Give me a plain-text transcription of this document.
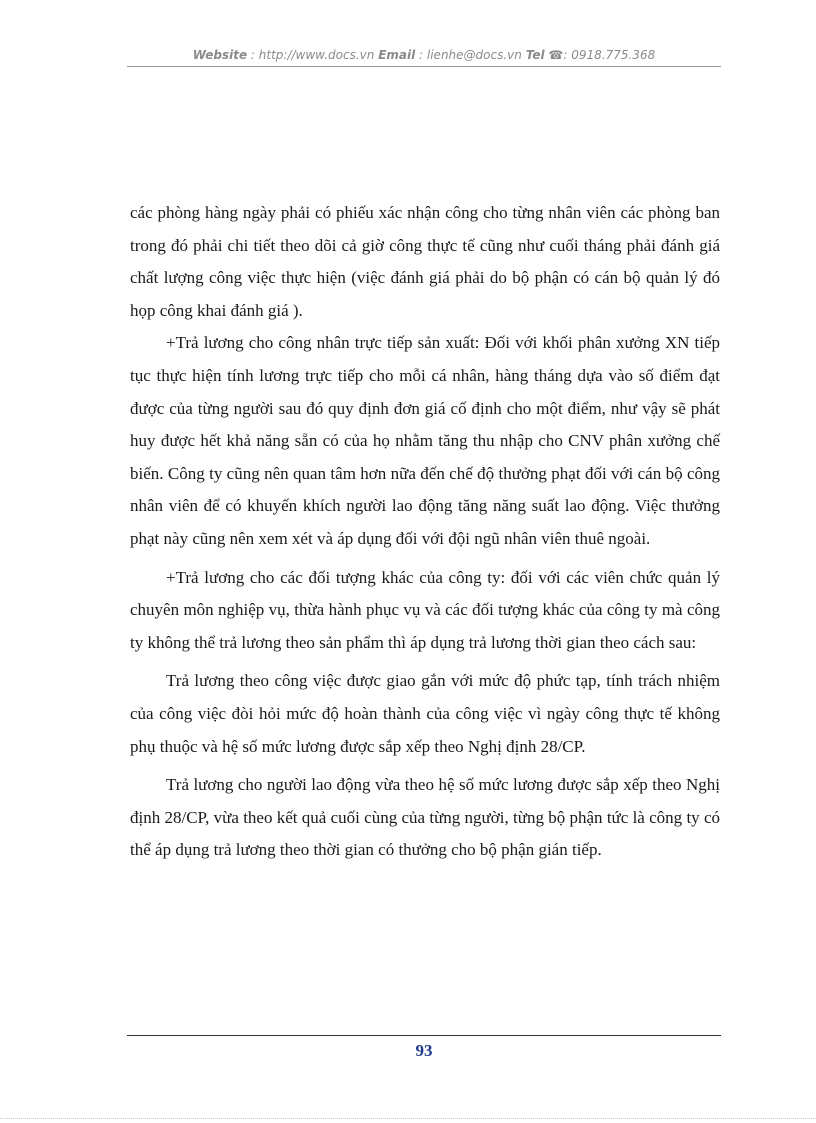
Website : http://www.docs.vn Email : lienhe@docs.vn Tel ☎: 0918.775.368

các phòng hàng ngày phải có phiếu xác nhận công cho từng nhân viên các phòng ban trong đó phải chi tiết theo dõi cả giờ công thực tế cũng như cuối tháng phải đánh giá chất lượng công việc thực hiện (việc đánh giá phải do bộ phận có cán bộ quản lý đó họp công khai đánh giá ).

+Trả lương cho công nhân trực tiếp sản xuất: Đối với khối phân xưởng XN tiếp tục thực hiện tính lương trực tiếp cho mỗi cá nhân, hàng tháng dựa vào số điểm đạt được của từng người sau đó quy định đơn giá cố định cho một điểm, như vậy sẽ phát huy được hết khả năng sẵn có của họ nhằm tăng thu nhập cho CNV phân xưởng chế biến. Công ty cũng nên quan tâm hơn nữa đến chế độ thưởng phạt đối với cán bộ công nhân viên để có khuyến khích người lao động tăng năng suất lao động. Việc thưởng phạt này cũng nên xem xét và áp dụng đối với đội ngũ nhân viên thuê ngoài.

+Trả lương cho các đối tượng khác của công ty: đối với các viên chức quản lý chuyên môn nghiệp vụ, thừa hành phục vụ và các đối tượng khác của công ty mà công ty không thể trả lương theo sản phẩm thì áp dụng trả lương thời gian theo cách sau:

Trả lương theo công việc được giao gắn với mức độ phức tạp, tính trách nhiệm của công việc đòi hỏi mức độ hoàn thành của công việc vì ngày công thực tế không phụ thuộc và hệ số mức lương được sắp xếp theo Nghị định 28/CP.

Trả lương cho người lao động vừa theo hệ số mức lương được sắp xếp theo Nghị định 28/CP, vừa theo kết quả cuối cùng của từng người, từng bộ phận tức là công ty có thể áp dụng trả lương theo thời gian có thưởng cho bộ phận gián tiếp.

93
